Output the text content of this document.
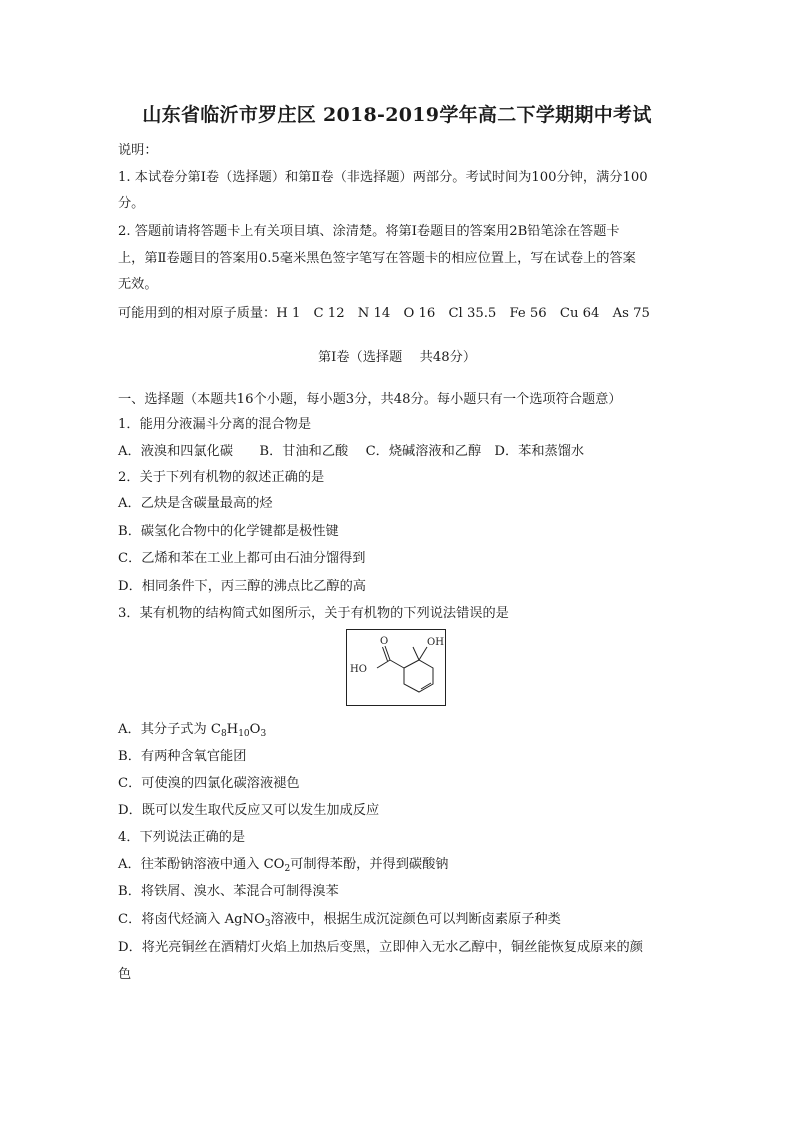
山东省临沂市罗庄区 2018-2019学年高二下学期期中考试
说明：
1. 本试卷分第Ⅰ卷（选择题）和第Ⅱ卷（非选择题）两部分。考试时间为100分钟，满分100
分。
2. 答题前请将答题卡上有关项目填、涂清楚。将第Ⅰ卷题目的答案用2B铅笔涂在答题卡
上，第Ⅱ卷题目的答案用0.5毫米黑色签字笔写在答题卡的相应位置上，写在试卷上的答案
无效。
可能用到的相对原子质量：H 1　C 12　N 14　O 16　Cl 35.5　Fe 56　Cu 64　As 75
第Ⅰ卷（选择题　 共48分）
一、选择题（本题共16个小题，每小题3分，共48分。每小题只有一个选项符合题意）
1．能用分液漏斗分离的混合物是
A．液溴和四氯化碳　　B．甘油和乙酸　 C．烧碱溶液和乙醇　D．苯和蒸馏水
2．关于下列有机物的叙述正确的是
A．乙炔是含碳量最高的烃
B．碳氢化合物中的化学键都是极性键
C．乙烯和苯在工业上都可由石油分馏得到
D．相同条件下，丙三醇的沸点比乙醇的高
3．某有机物的结构简式如图所示，关于有机物的下列说法错误的是
O	OH
HO
A．其分子式为 $C_8H_{10}O_3$
B．有两种含氧官能团
C．可使溴的四氯化碳溶液褪色
D．既可以发生取代反应又可以发生加成反应
4．下列说法正确的是
A．往苯酚钠溶液中通入 $CO_2$可制得苯酚，并得到碳酸钠
B．将铁屑、溴水、苯混合可制得溴苯
C．将卤代烃滴入 AgNO$_3$溶液中，根据生成沉淀颜色可以判断卤素原子种类
D．将光亮铜丝在酒精灯火焰上加热后变黑，立即伸入无水乙醇中，铜丝能恢复成原来的颜
色
